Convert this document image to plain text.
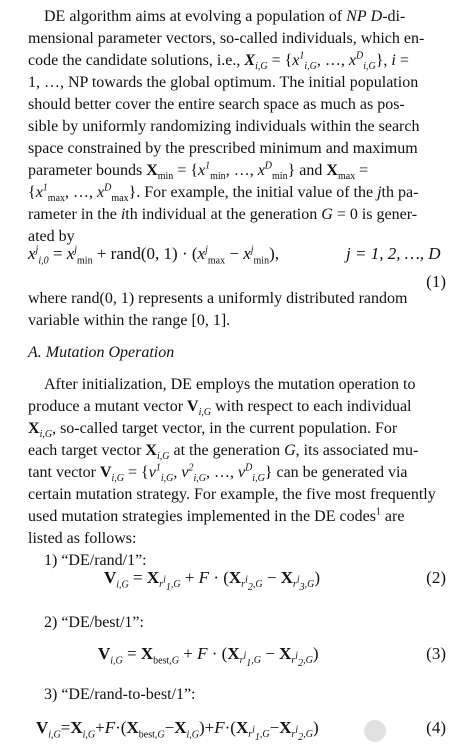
DE algorithm aims at evolving a population of NP D-di-
mensional parameter vectors, so-called individuals, which en-
code the candidate solutions, i.e., $X_{i,G} = \{x^1_{i,G}$, …, $x^D_{i,G}$}, i =
1, …, NP towards the global optimum. The initial population
should better cover the entire search space as much as pos-
sible by uniformly randomizing individuals within the search
space constrained by the prescribed minimum and maximum
parameter bounds $X_{min} = \{x^1_{min}$, …, $x^D_{min}$} and $X_{max}$ =
{$x^1_{max}$, …, $x^D_{max}$}. For example, the initial value of the jth pa-
rameter in the ith individual at the generation G = 0 is gener-
ated by
$x^j_{i,0} = x^j_{min}$ + rand(0, $1) \cdot (x^j_{max} - x^j_{min})$,	j = 1, 2, …, D
(1)
where rand(0, 1) represents a uniformly distributed random
variable within the range [0, 1].
A. Mutation Operation
After initialization, DE employs the mutation operation to
produce a mutant vector $V_{i,G}$ with respect to each individual
$X_{i,G}$, so-called target vector, in the current population. For
each target vector $X_{i,G}$ at the generation G, its associated mu-
tant vector $V_{i,G} = \{v^1_{i,G}$, $v^2_{i,G}$, …, $v^D_{i,G}$} can be generated via
certain mutation strategy. For example, the five most frequently
used mutation strategies implemented in the DE codes$^1$ are
listed as follows:
1) “DE/rand/1”:
$V_{i,G} = X_{r^i_1,G} + F \cdot (X_{r^i_2,G} - X_{r^i_3,G})$	(2)
2) “DE/best/1”:
$V_{i,G} = X_{best,G} + F \cdot (X_{r^i_1,G} - X_{r^i_2,G})$	(3)
3) “DE/rand-to-best/1”:
$V_{i,G}=X_{i,G}+F\cdot(X_{best,G}-X_{i,G})+F\cdot(X_{r^i_1,G}-X_{r^i_2,G})$	(4)
